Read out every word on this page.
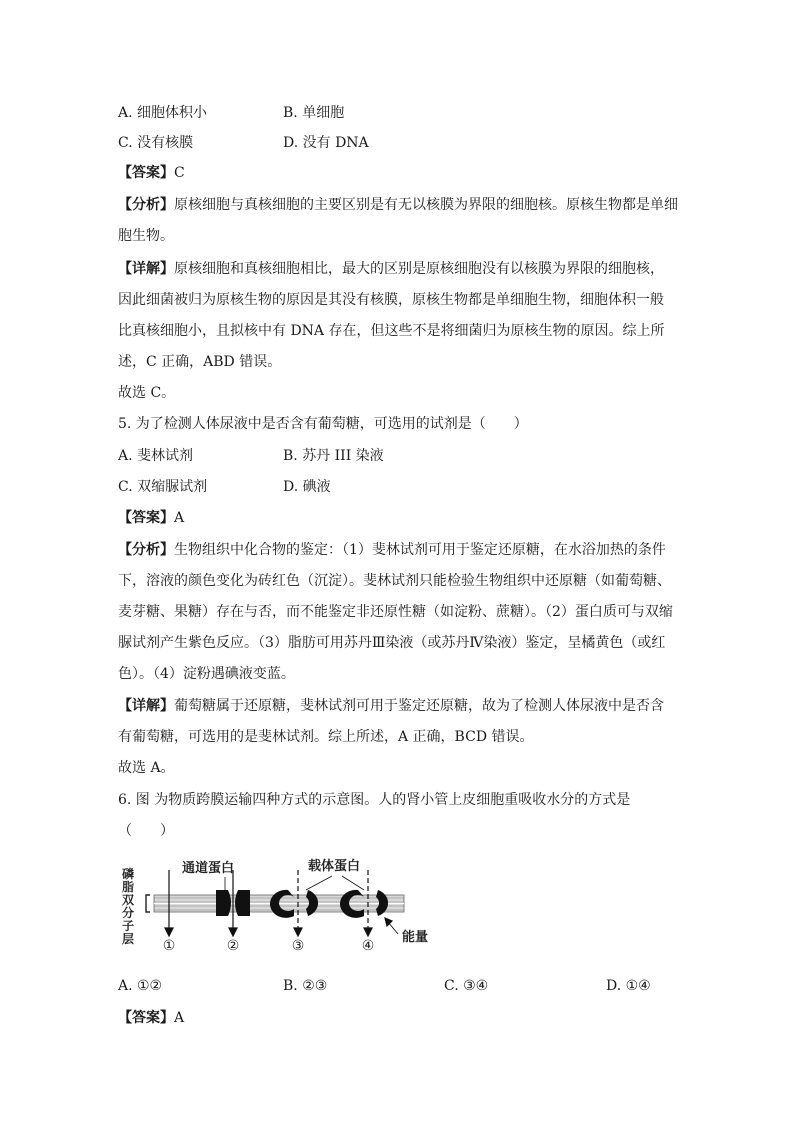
A. 细胞体积小	B. 单细胞
C. 没有核膜	D. 没有 DNA
【答案】C
【分析】原核细胞与真核细胞的主要区别是有无以核膜为界限的细胞核。原核生物都是单细
胞生物。
【详解】原核细胞和真核细胞相比，最大的区别是原核细胞没有以核膜为界限的细胞核，
因此细菌被归为原核生物的原因是其没有核膜，原核生物都是单细胞生物，细胞体积一般
比真核细胞小，且拟核中有 DNA 存在，但这些不是将细菌归为原核生物的原因。综上所
述，C 正确，ABD 错误。
故选 C。
5. 为了检测人体尿液中是否含有葡萄糖，可选用的试剂是（　　）
A. 斐林试剂	B. 苏丹 III 染液
C. 双缩脲试剂	D. 碘液
【答案】A
【分析】生物组织中化合物的鉴定：（1）斐林试剂可用于鉴定还原糖，在水浴加热的条件
下，溶液的颜色变化为砖红色（沉淀）。斐林试剂只能检验生物组织中还原糖（如葡萄糖、
麦芽糖、果糖）存在与否，而不能鉴定非还原性糖（如淀粉、蔗糖）。（2）蛋白质可与双缩
脲试剂产生紫色反应。（3）脂肪可用苏丹Ⅲ染液（或苏丹Ⅳ染液）鉴定，呈橘黄色（或红
色）。（4）淀粉遇碘液变蓝。
【详解】葡萄糖属于还原糖，斐林试剂可用于鉴定还原糖，故为了检测人体尿液中是否含
有葡萄糖，可选用的是斐林试剂。综上所述，A 正确，BCD 错误。
故选 A。
6. 图 为物质跨膜运输四种方式的示意图。人的肾小管上皮细胞重吸收水分的方式是
（　　）
磷
脂
双
分
子
层
通道蛋白	载体蛋白
能量
①	②	③	④
A. ①②	B. ②③	C. ③④	D. ①④
【答案】A
